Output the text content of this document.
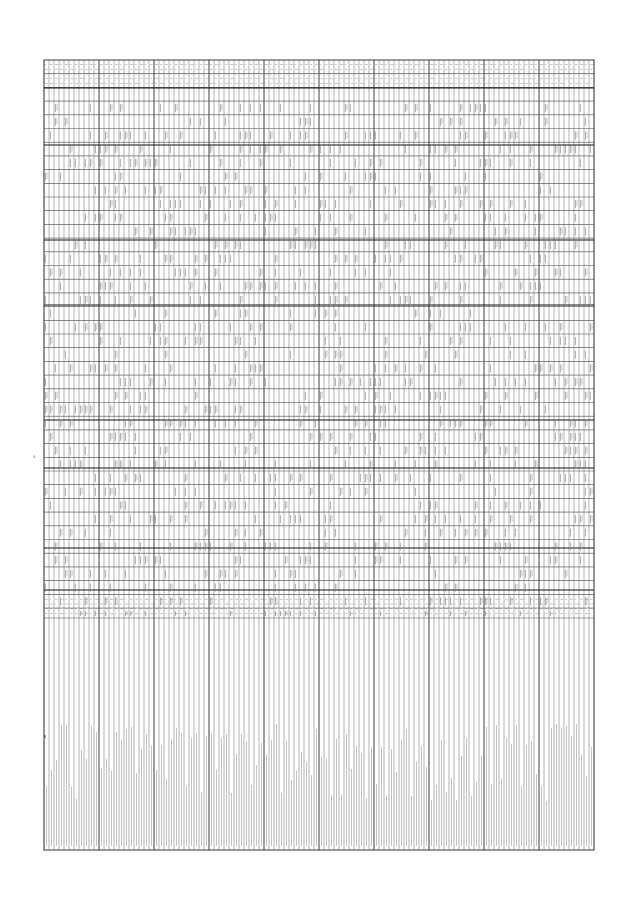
a
